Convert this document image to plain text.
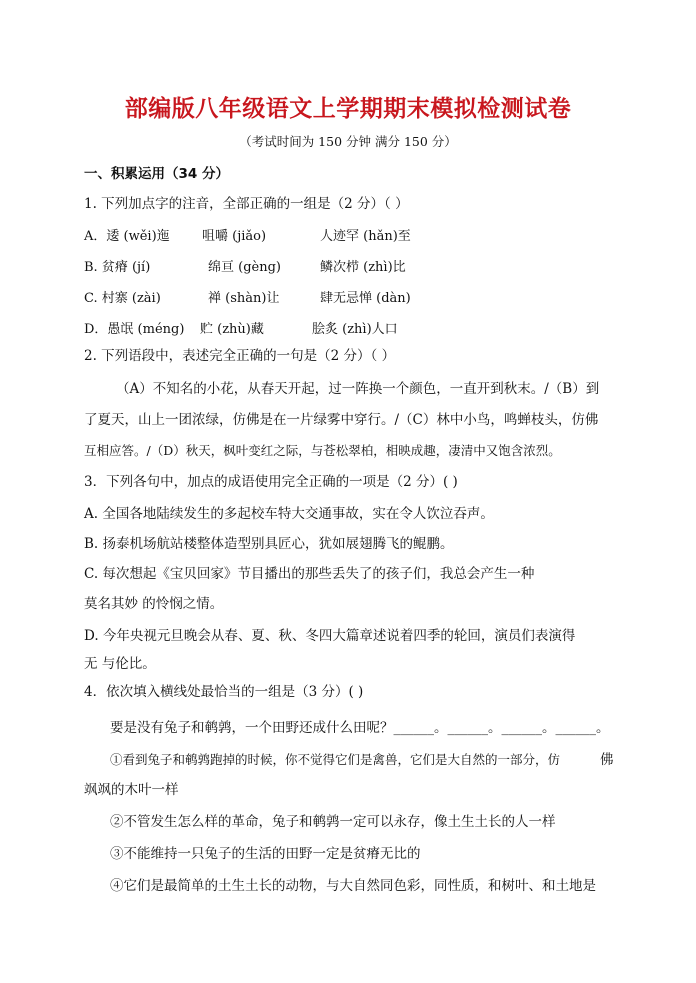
部编版八年级语文上学期期末模拟检测试卷
（考试时间为 150 分钟 满分 150 分）
一、积累运用（34 分）
1. 下列加点字的注音，全部正确的一组是（2 分）（ ）
A．逶 (wěi)迤 咀嚼 (jiǎo)	人迹罕 (hǎn)至
B. 贫瘠 (jí)	绵亘 (gèng)	鳞次栉 (zhì)比
C. 村寨 (zài)	禅 (shàn)让	肆无忌惮 (dàn)
D．愚氓 (méng) 贮 (zhù)藏	脍炙 (zhì)人口
2. 下列语段中，表述完全正确的一句是（2 分）（ ）
（A）不知名的小花，从春天开起，过一阵换一个颜色，一直开到秋末。/（B）到
了夏天，山上一团浓绿，仿佛是在一片绿雾中穿行。/（C）林中小鸟，鸣蝉枝头，仿佛
互相应答。/（D）秋天，枫叶变红之际，与苍松翠柏，相映成趣，凄清中又饱含浓烈。
3．下列各句中，加点的成语使用完全正确的一项是（2 分）( )
A. 全国各地陆续发生的多起校车特大交通事故，实在令人饮泣吞声。
B. 扬泰机场航站楼整体造型别具匠心，犹如展翅腾飞的鲲鹏。
C. 每次想起《宝贝回家》节目播出的那些丢失了的孩子们，我总会产生一种
莫名其妙 的怜悯之情。
D. 今年央视元旦晚会从春、夏、秋、冬四大篇章述说着四季的轮回，演员们表演得
无 与伦比。
4．依次填入横线处最恰当的一组是（3 分）( )
要是没有兔子和鹌鹑，一个田野还成什么田呢？______。______。______。______。
①看到兔子和鹌鹑跑掉的时候，你不觉得它们是禽兽，它们是大自然的一部分，仿	佛
飒飒的木叶一样
②不管发生怎么样的革命，兔子和鹌鹑一定可以永存，像土生土长的人一样
③不能维持一只兔子的生活的田野一定是贫瘠无比的
④它们是最简单的土生土长的动物，与大自然同色彩，同性质，和树叶、和土地是
